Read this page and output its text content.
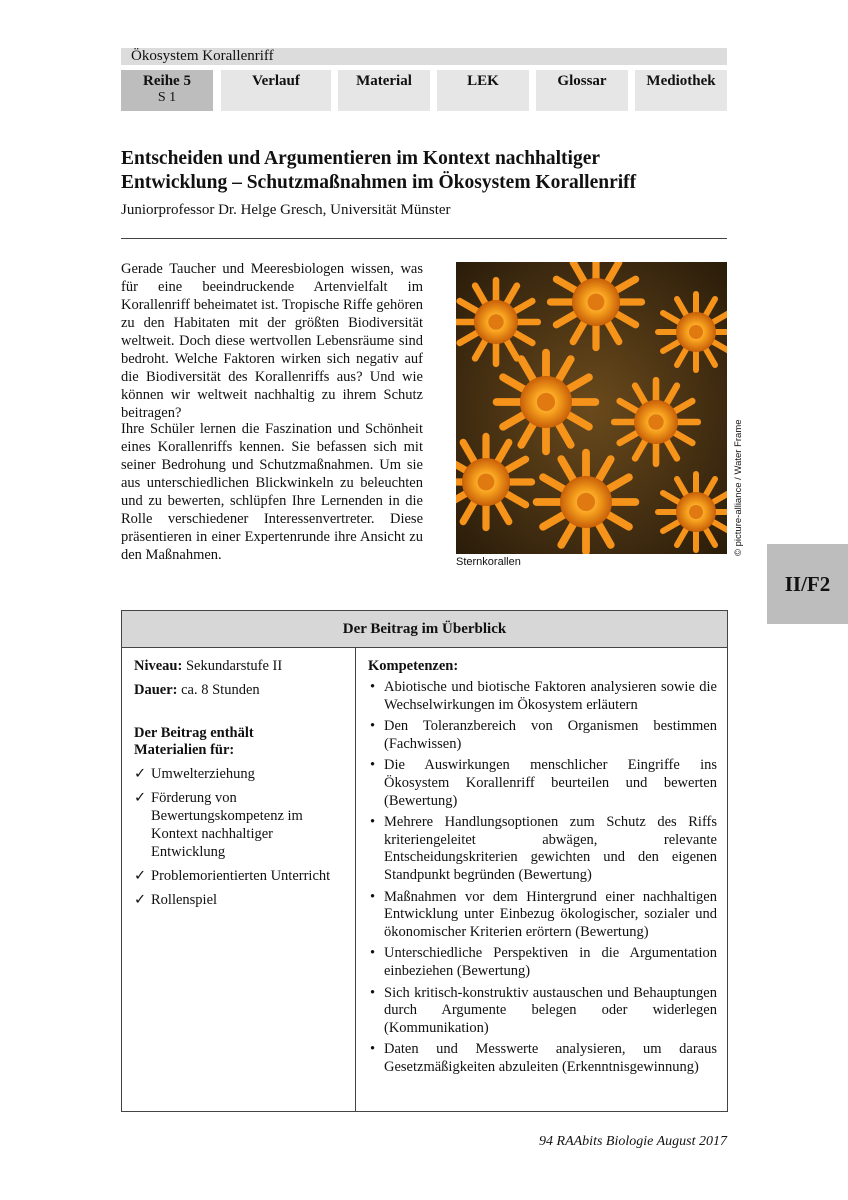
Ökosystem Korallenriff
Reihe 5
S 1
Verlauf	Material	LEK	Glossar	Mediothek
Entscheiden und Argumentieren im Kontext nachhaltiger
Entwicklung – Schutzmaßnahmen im Ökosystem Korallenriff
Juniorprofessor Dr. Helge Gresch, Universität Münster

Gerade Taucher und Meeresbiologen wissen, was für eine beeindruckende Artenvielfalt im Korallenriff beheimatet ist. Tropische Riffe gehören zu den Habitaten mit der größten Biodiversität weltweit. Doch diese wertvollen Lebensräume sind bedroht. Welche Faktoren wirken sich negativ auf die Biodiversität des Korallenriffs aus? Und wie können wir weltweit nachhaltig zu ihrem Schutz beitragen?

Ihre Schüler lernen die Faszination und Schönheit eines Korallenriffs kennen. Sie befassen sich mit seiner Bedrohung und Schutzmaßnahmen. Um sie aus unterschiedlichen Blickwinkeln zu beleuchten und zu bewerten, schlüpfen Ihre Lernenden in die Rolle verschiedener Interessenvertreter. Diese präsentieren in einer Expertenrunde ihre Ansicht zu den Maßnahmen.	Sternkorallen
© picture-alliance / Water Frame
II/F2
Der Beitrag im Überblick

Niveau: Sekundarstufe II

Dauer: ca. 8 Stunden

Der Beitrag enthält
Materialien für:
✓ Umwelterziehung
✓ Förderung von Bewertungskompetenz im Kontext nachhaltiger Entwicklung
✓ Problemorientierten Unterricht
✓ Rollenspiel
Kompetenzen:
• Abiotische und biotische Faktoren analysieren sowie die Wechselwirkungen im Ökosystem erläutern
• Den Toleranzbereich von Organismen bestimmen (Fachwissen)
• Die Auswirkungen menschlicher Eingriffe ins Ökosystem Korallenriff beurteilen und bewerten (Bewertung)
• Mehrere Handlungsoptionen zum Schutz des Riffs kriteriengeleitet abwägen, relevante Entscheidungskriterien gewichten und den eigenen Standpunkt begründen (Bewertung)
• Maßnahmen vor dem Hintergrund einer nachhaltigen Entwicklung unter Einbezug ökologischer, sozialer und ökonomischer Kriterien erörtern (Bewertung)
• Unterschiedliche Perspektiven in die Argumentation einbeziehen (Bewertung)
• Sich kritisch-konstruktiv austauschen und Behauptungen durch Argumente belegen oder widerlegen (Kommunikation)
• Daten und Messwerte analysieren, um daraus Gesetzmäßigkeiten abzuleiten (Erkenntnisgewinnung)
94 RAAbits Biologie August 2017
